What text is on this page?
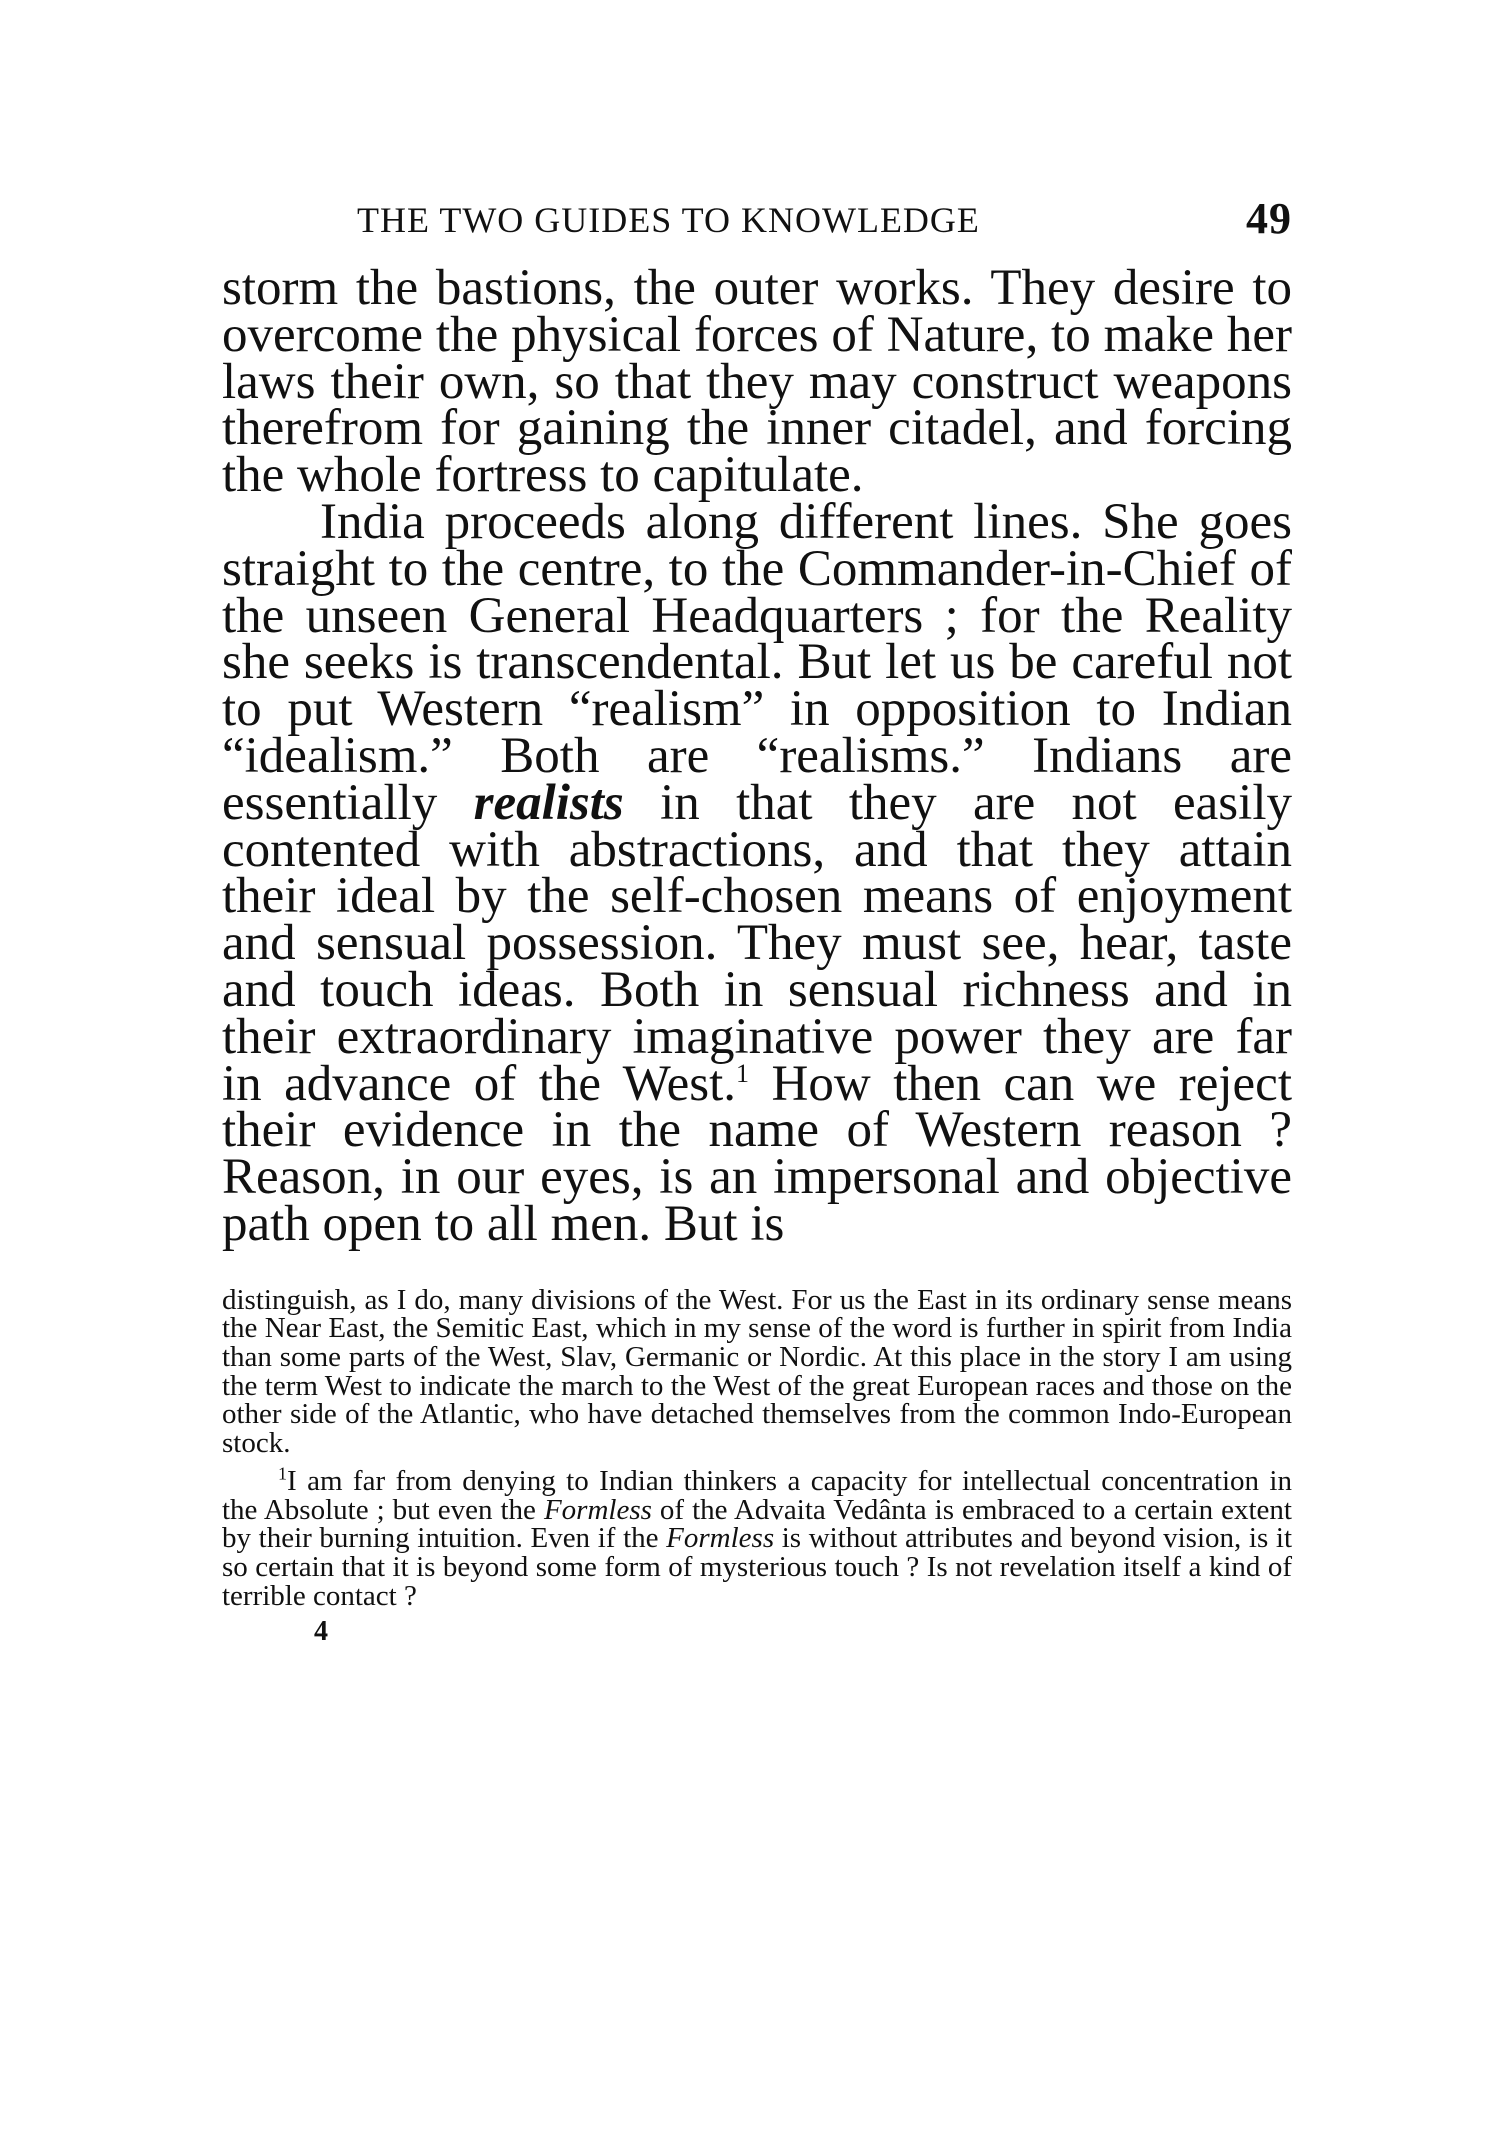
THE TWO GUIDES TO KNOWLEDGE	49

storm the bastions, the outer works. They desire to overcome the physical forces of Nature, to make her laws their own, so that they may construct weapons therefrom for gaining the inner citadel, and forcing the whole fortress to capitulate.

India proceeds along different lines. She goes straight to the centre, to the Commander-in-Chief of the unseen General Headquarters ; for the Reality she seeks is transcendental. But let us be careful not to put Western “realism” in opposition to Indian “idealism.” Both are “realisms.” Indians are essentially realists in that they are not easily contented with abstractions, and that they attain their ideal by the self-chosen means of enjoyment and sensual possession. They must see, hear, taste and touch ideas. Both in sensual richness and in their extraordinary imaginative power they are far in advance of the West.$^1$ How then can we reject their evidence in the name of Western reason ? Reason, in our eyes, is an impersonal and objective path open to all men. But is

distinguish, as I do, many divisions of the West. For us the East in its ordinary sense means the Near East, the Semitic East, which in my sense of the word is further in spirit from India than some parts of the West, Slav, Germanic or Nordic. At this place in the story I am using the term West to indicate the march to the West of the great European races and those on the other side of the Atlantic, who have detached themselves from the common Indo-European stock.

$^1$I am far from denying to Indian thinkers a capacity for intellectual concentration in the Absolute ; but even the Formless of the Advaita Vedânta is embraced to a certain extent by their burning intuition. Even if the Formless is without attributes and beyond vision, is it so certain that it is beyond some form of mysterious touch ? Is not revelation itself a kind of terrible contact ?

4
